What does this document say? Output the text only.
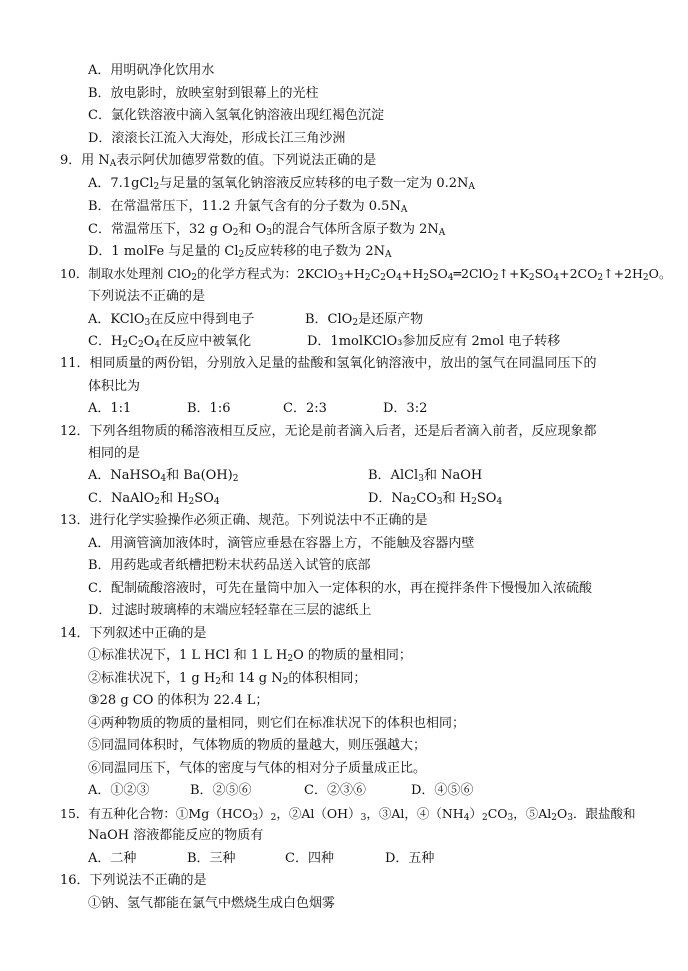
A．用明矾净化饮用水
B．放电影时，放映室射到银幕上的光柱
C．氯化铁溶液中滴入氢氧化钠溶液出现红褐色沉淀
D．滚滚长江流入大海处，形成长江三角沙洲
9．用 $N_A$表示阿伏加德罗常数的值。下列说法正确的是
A．7.1gCl$_2$与足量的氢氧化钠溶液反应转移的电子数一定为 $0.2N_A$
B．在常温常压下，11.2 升氯气含有的分子数为 $0.5N_A$
C．常温常压下，32 g $O_2$和 $O_3$的混合气体所含原子数为 $2N_A$
D．1 molFe 与足量的 $Cl_2$反应转移的电子数为 $2N_A$
10．制取水处理剂 ClO$_2$的化学方程式为：$2KClO_3+H_2C_2O_4+H_2SO_4═2ClO_2↑+K_2SO_4+2CO_2↑+2H_2O$。
下列说法不正确的是
A．KClO$_3$在反应中得到电子	B．ClO$_2$是还原产物
C．$H_2C_2O_4$在反应中被氧化	D．1molKClO₃参加反应有 2mol 电子转移
11．相同质量的两份铝，分别放入足量的盐酸和氢氧化钠溶液中，放出的氢气在同温同压下的
体积比为
A．1:1	B．1:6	C．2:3	D．3:2
12．下列各组物质的稀溶液相互反应，无论是前者滴入后者，还是后者滴入前者，反应现象都
相同的是
A．NaHSO$_4$和 $Ba(OH)_2$	B．AlCl$_3$和 NaOH
C．NaAlO$_2$和 $H_2SO_4$	D．$Na_2CO_3$和 $H_2SO_4$
13．进行化学实验操作必须正确、规范。下列说法中不正确的是
A．用滴管滴加液体时，滴管应垂悬在容器上方，不能触及容器内壁
B．用药匙或者纸槽把粉末状药品送入试管的底部
C．配制硫酸溶液时，可先在量筒中加入一定体积的水，再在搅拌条件下慢慢加入浓硫酸
D．过滤时玻璃棒的末端应轻轻靠在三层的滤纸上
14．下列叙述中正确的是
①标准状况下，1 L HCl 和 1 L $H_2O$ 的物质的量相同；
②标准状况下，1 g $H_2$和 14 g $N_2$的体积相同；
③28 g CO 的体积为 22.4 L；
④两种物质的物质的量相同，则它们在标准状况下的体积也相同；
⑤同温同体积时，气体物质的物质的量越大，则压强越大；
⑥同温同压下，气体的密度与气体的相对分子质量成正比。
A．①②③	B．②⑤⑥	C．②③⑥	D．④⑤⑥
15．有五种化合物：$①Mg(HCO_3)_2$，$②Al(OH)_3$，③Al，$④(NH_4)_2CO_3$，$⑤Al_2O_3$．跟盐酸和
NaOH 溶液都能反应的物质有
A．二种	B．三种	C．四种	D．五种
16．下列说法不正确的是
①钠、氢气都能在氯气中燃烧生成白色烟雾
